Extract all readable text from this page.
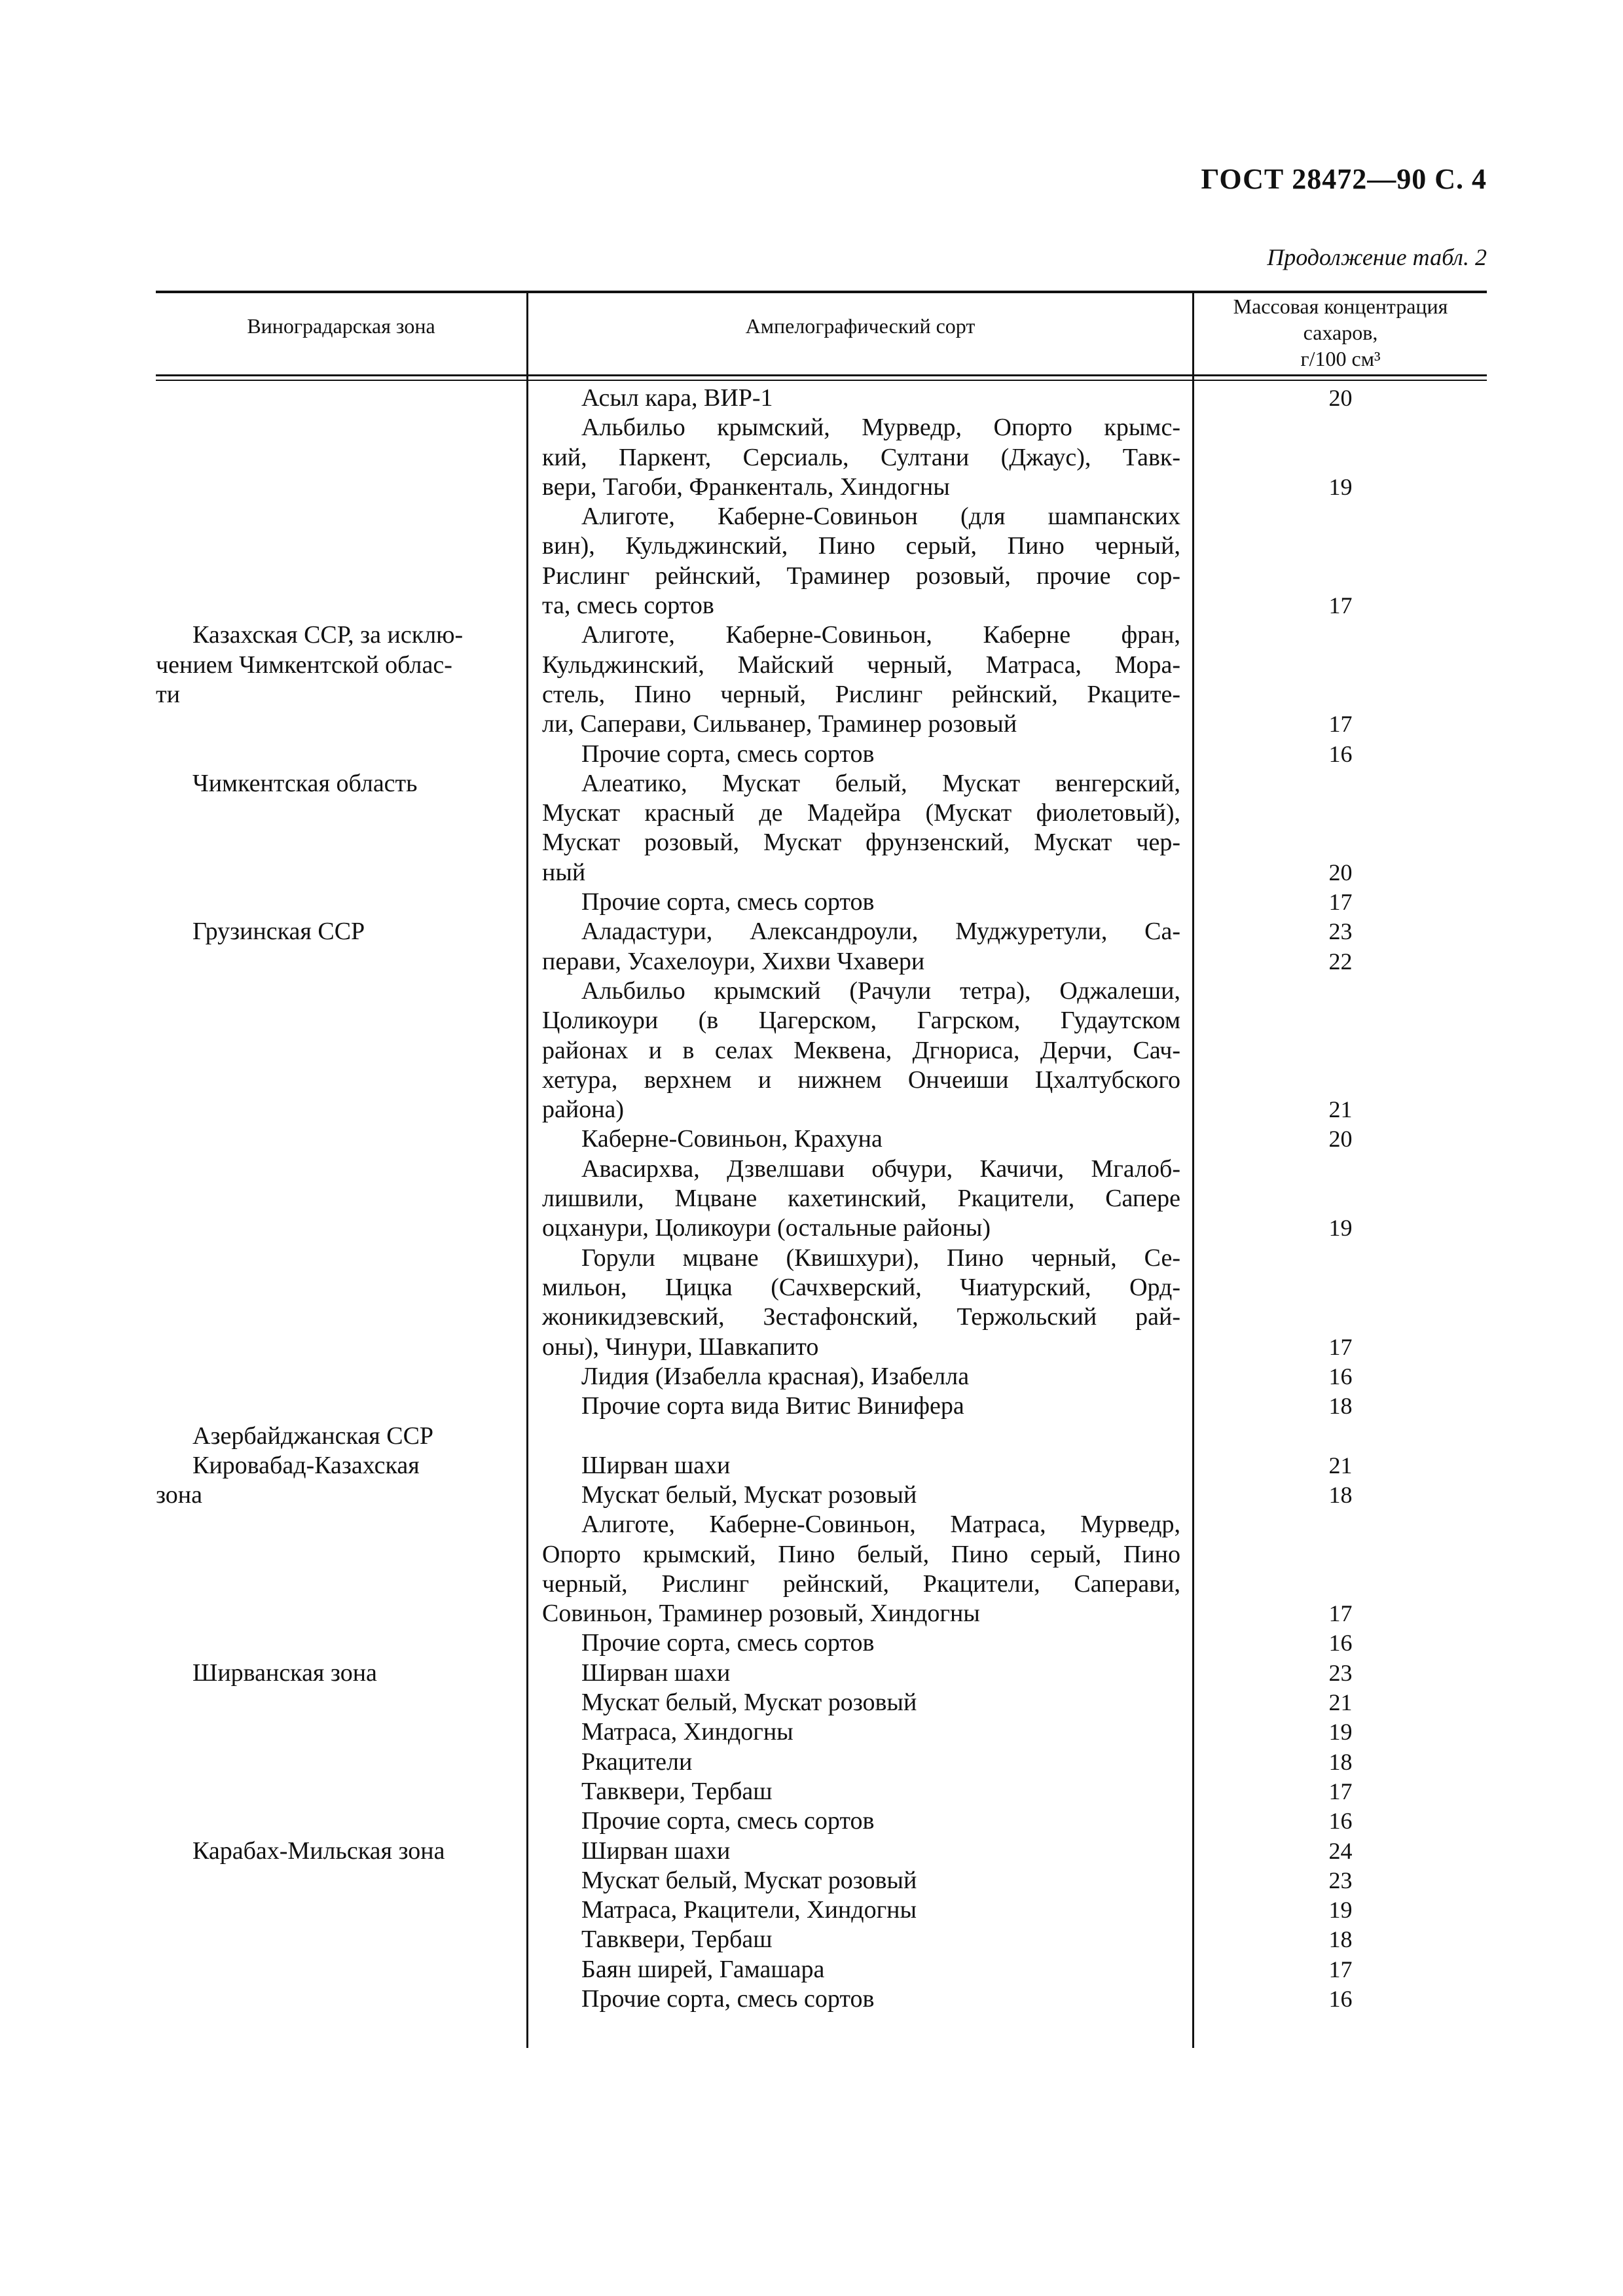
ГОСТ 28472—90 С. 4
Продолжение табл. 2
Виноградарская зона	Ампелографический сорт
Массовая концентрация
сахаров,
г/100 см³
Казахская ССР, за исклю-
чением Чимкентской облас-
ти
Чимкентская область
Грузинская ССР
Азербайджанская ССР
Кировабад-Казахская
зона
Ширванская зона
Карабах-Мильская зона
Асыл кара, ВИР-1
Альбильо крымский, Мурведр, Опорто крымс-
кий, Паркент, Серсиаль, Султани (Джаус), Тавк-
вери, Тагоби, Франкенталь, Хиндогны
Алиготе, Каберне-Совиньон (для шампанских
вин), Кульджинский, Пино серый, Пино черный,
Рислинг рейнский, Траминер розовый, прочие сор-
та, смесь сортов
Алиготе, Каберне-Совиньон, Каберне фран,
Кульджинский, Майский черный, Матраса, Мора-
стель, Пино черный, Рислинг рейнский, Ркаците-
ли, Саперави, Сильванер, Траминер розовый
Прочие сорта, смесь сортов
Алеатико, Мускат белый, Мускат венгерский,
Мускат красный де Мадейра (Мускат фиолетовый),
Мускат розовый, Мускат фрунзенский, Мускат чер-
ный
Прочие сорта, смесь сортов
Аладастури, Александроули, Муджуретули, Са-
перави, Усахелоури, Хихви Чхавери
Альбильо крымский (Рачули тетра), Оджалеши,
Цоликоури (в Цагерском, Гагрском, Гудаутском
районах и в селах Меквена, Дгнориса, Дерчи, Сач-
хетура, верхнем и нижнем Ончеиши Цхалтубского
района)
Каберне-Совиньон, Крахуна
Авасирхва, Дзвелшави обчури, Качичи, Мгалоб-
лишвили, Мцване кахетинский, Ркацители, Сапере
оцханури, Цоликоури (остальные районы)
Горули мцване (Квишхури), Пино черный, Се-
мильон, Цицка (Сачхверский, Чиатурский, Орд-
жоникидзевский, Зестафонский, Тержольский рай-
оны), Чинури, Шавкапито
Лидия (Изабелла красная), Изабелла
Прочие сорта вида Витис Винифера
Ширван шахи
Мускат белый, Мускат розовый
Алиготе, Каберне-Совиньон, Матраса, Мурведр,
Опорто крымский, Пино белый, Пино серый, Пино
черный, Рислинг рейнский, Ркацители, Саперави,
Совиньон, Траминер розовый, Хиндогны
Прочие сорта, смесь сортов
Ширван шахи
Мускат белый, Мускат розовый
Матраса, Хиндогны
Ркацители
Тавквери, Тербаш
Прочие сорта, смесь сортов
Ширван шахи
Мускат белый, Мускат розовый
Матраса, Ркацители, Хиндогны
Тавквери, Тербаш
Баян ширей, Гамашара
Прочие сорта, смесь сортов
20
19
17
17
16
20
17
23
22
21
20
19
17
16
18
21
18
17
16
23
21
19
18
17
16
24
23
19
18
17
16
